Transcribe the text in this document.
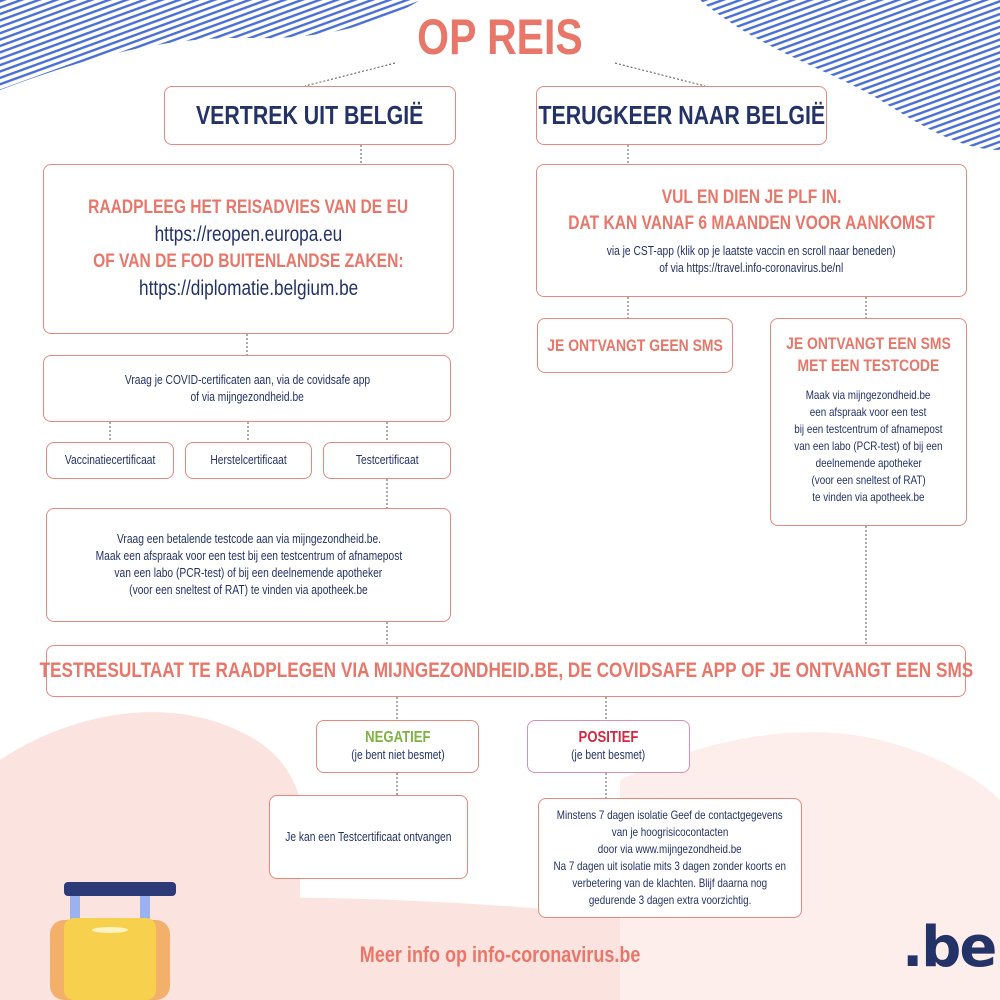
OP REIS
VERTREK UIT BELGIË	TERUGKEER NAAR BELGIË
RAADPLEEG HET REISADVIES VAN DE EU
https://reopen.europa.eu
OF VAN DE FOD BUITENLANDSE ZAKEN:
https://diplomatie.belgium.be
Vraag je COVID-certificaten aan, via de covidsafe app
of via mijngezondheid.be
Vaccinatiecertificaat	Herstelcertificaat	Testcertificaat
Vraag een betalende testcode aan via mijngezondheid.be.
Maak een afspraak voor een test bij een testcentrum of afnamepost
van een labo (PCR-test) of bij een deelnemende apotheker
(voor een sneltest of RAT) te vinden via apotheek.be
VUL EN DIEN JE PLF IN.
DAT KAN VANAF 6 MAANDEN VOOR AANKOMST
via je CST-app (klik op je laatste vaccin en scroll naar beneden)
of via https://travel.info-coronavirus.be/nl
JE ONTVANGT GEEN SMS	JE ONTVANGT EEN SMS
MET EEN TESTCODE
Maak via mijngezondheid.be
een afspraak voor een test
bij een testcentrum of afnamepost
van een labo (PCR-test) of bij een
deelnemende apotheker
(voor een sneltest of RAT)
te vinden via apotheek.be
TESTRESULTAAT TE RAADPLEGEN VIA MIJNGEZONDHEID.BE, DE COVIDSAFE APP OF JE ONTVANGT EEN SMS
NEGATIEF
(je bent niet besmet)
Je kan een Testcertificaat ontvangen
POSITIEF
(je bent besmet)
Minstens 7 dagen isolatie Geef de contactgegevens
van je hoogrisicocontacten
door via www.mijngezondheid.be
Na 7 dagen uit isolatie mits 3 dagen zonder koorts en
verbetering van de klachten. Blijf daarna nog
gedurende 3 dagen extra voorzichtig.
Meer info op info-coronavirus.be	.be
